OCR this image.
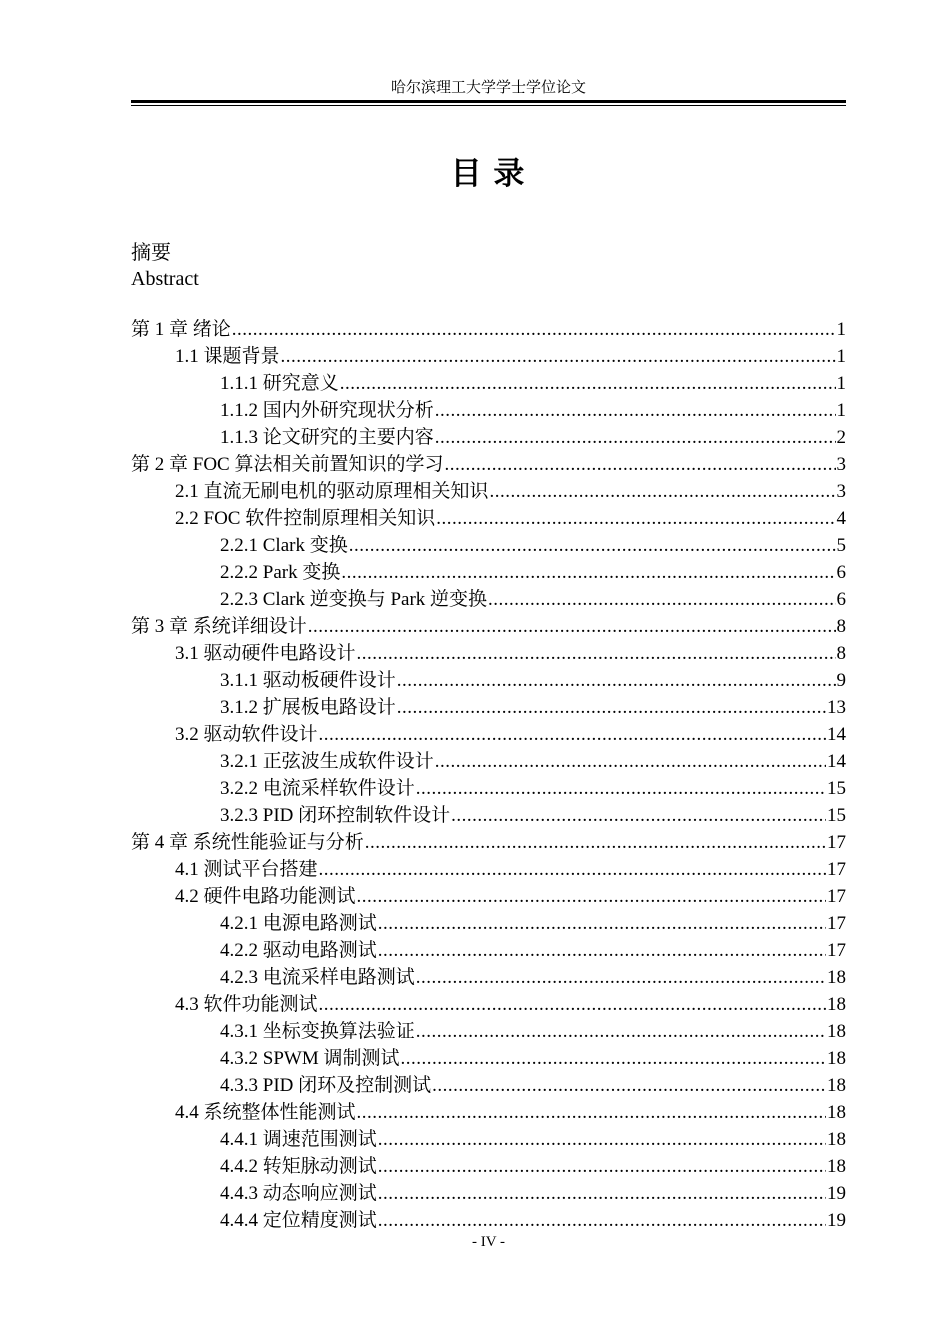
哈尔滨理工大学学士学位论文
目 录
摘要
Abstract
第 1 章 绪论 .....	1
1.1 课题背景 .....	1
1.1.1 研究意义 .....	1
1.1.2 国内外研究现状分析 .....	1
1.1.3 论文研究的主要内容 .....	2
第 2 章 FOC 算法相关前置知识的学习 .....	3
2.1 直流无刷电机的驱动原理相关知识 .....	3
2.2 FOC 软件控制原理相关知识 .....	4
2.2.1 Clark 变换 .....	5
2.2.2 Park 变换 .....	6
2.2.3 Clark 逆变换与 Park 逆变换 .....	6
第 3 章 系统详细设计 .....	8
3.1 驱动硬件电路设计 .....	8
3.1.1 驱动板硬件设计 .....	9
3.1.2 扩展板电路设计 .....	13
3.2 驱动软件设计 .....	14
3.2.1 正弦波生成软件设计 .....	14
3.2.2 电流采样软件设计 .....	15
3.2.3 PID 闭环控制软件设计 .....	15
第 4 章 系统性能验证与分析 .....	17
4.1 测试平台搭建 .....	17
4.2 硬件电路功能测试 .....	17
4.2.1 电源电路测试 .....	17
4.2.2 驱动电路测试 .....	17
4.2.3 电流采样电路测试 .....	18
4.3 软件功能测试 .....	18
4.3.1 坐标变换算法验证 .....	18
4.3.2 SPWM 调制测试 .....	18
4.3.3 PID 闭环及控制测试 .....	18
4.4 系统整体性能测试 .....	18
4.4.1 调速范围测试 .....	18
4.4.2 转矩脉动测试 .....	18
4.4.3 动态响应测试 .....	19
4.4.4 定位精度测试 .....	19
- IV -
